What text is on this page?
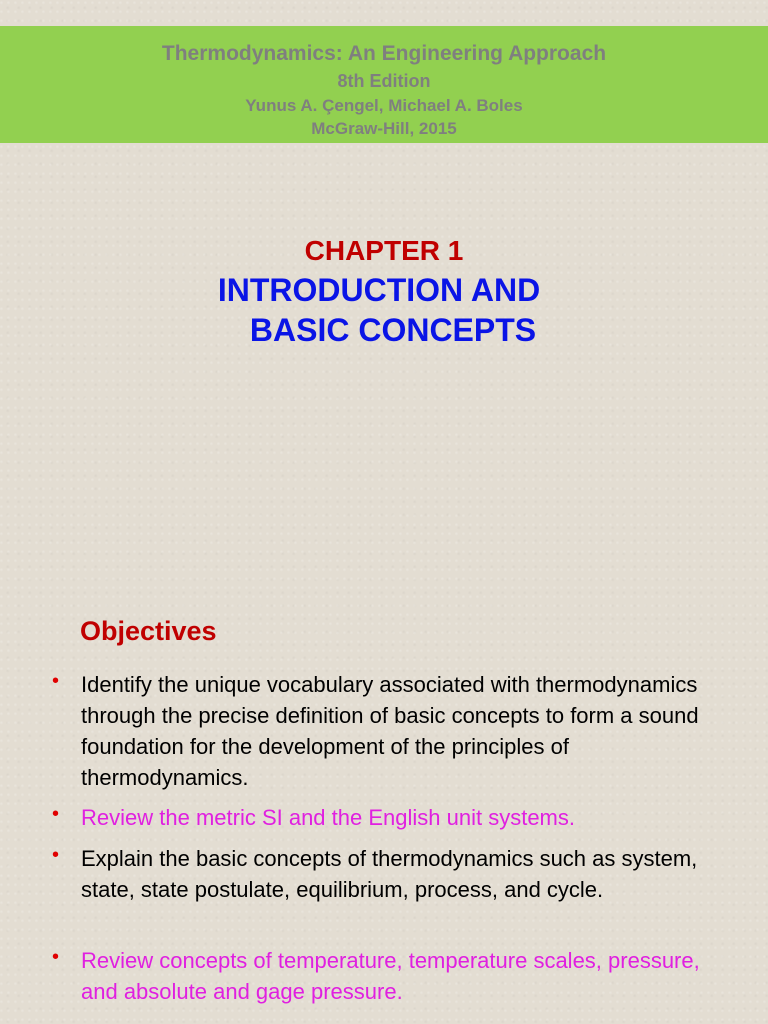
Thermodynamics: An Engineering Approach
8th Edition
Yunus A. Çengel, Michael A. Boles
McGraw-Hill, 2015
CHAPTER 1
INTRODUCTION AND
BASIC CONCEPTS
Objectives
• Identify the unique vocabulary associated with thermodynamics through the precise definition of basic concepts to form a sound foundation for the development of the principles of thermodynamics.
• Review the metric SI and the English unit systems.
• Explain the basic concepts of thermodynamics such as system, state, state postulate, equilibrium, process, and cycle.
• Review concepts of temperature, temperature scales, pressure, and absolute and gage pressure.
